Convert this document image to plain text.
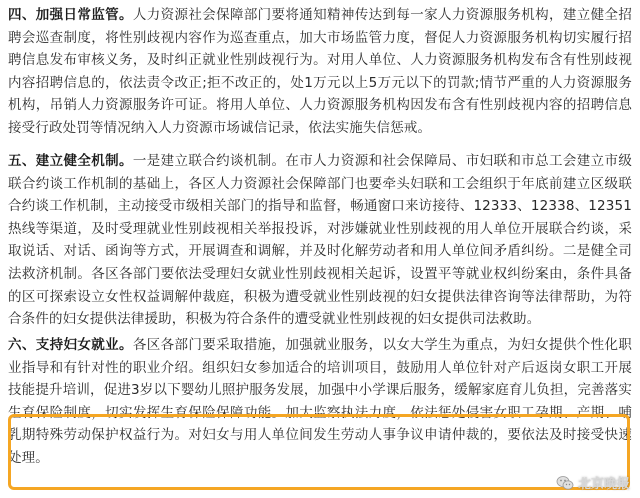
四、加强日常监管。人力资源社会保障部门要将通知精神传达到每一家人力资源服务机构，建立健全招聘会巡查制度，将性别歧视内容作为巡查重点，加大市场监管力度，督促人力资源服务机构切实履行招聘信息发布审核义务，及时纠正就业性别歧视行为。对用人单位、人力资源服务机构发布含有性别歧视内容招聘信息的，依法责令改正;拒不改正的，处1万元以上5万元以下的罚款;情节严重的人力资源服务机构，吊销人力资源服务许可证。将用人单位、人力资源服务机构因发布含有性别歧视内容的招聘信息接受行政处罚等情况纳入人力资源市场诚信记录，依法实施失信惩戒。

五、建立健全机制。一是建立联合约谈机制。在市人力资源和社会保障局、市妇联和市总工会建立市级联合约谈工作机制的基础上，各区人力资源社会保障部门也要牵头妇联和工会组织于年底前建立区级联合约谈工作机制，主动接受市级相关部门的指导和监督，畅通窗口来访接待、12333、12338、12351热线等渠道，及时受理就业性别歧视相关举报投诉，对涉嫌就业性别歧视的用人单位开展联合约谈，采取说话、对话、函询等方式，开展调查和调解，并及时化解劳动者和用人单位间矛盾纠纷。二是健全司法救济机制。各区各部门要依法受理妇女就业性别歧视相关起诉，设置平等就业权纠纷案由，条件具备的区可探索设立女性权益调解仲裁庭，积极为遭受就业性别歧视的妇女提供法律咨询等法律帮助，为符合条件的妇女提供法律援助，积极为符合条件的遭受就业性别歧视的妇女提供司法救助。

六、支持妇女就业。各区各部门要采取措施，加强就业服务，以女大学生为重点，为妇女提供个性化职业指导和有针对性的职业介绍。组织妇女参加适合的培训项目，鼓励用人单位针对产后返岗女职工开展技能提升培训，促进3岁以下婴幼儿照护服务发展，加强中小学课后服务，缓解家庭育儿负担，完善落实生育保险制度，切实发挥生育保险保障功能。加大监察执法力度，依法惩处侵害女职工孕期、产期、哺乳期特殊劳动保护权益行为。对妇女与用人单位间发生劳动人事争议申请仲裁的，要依法及时接受快速处理。

北京晚报
